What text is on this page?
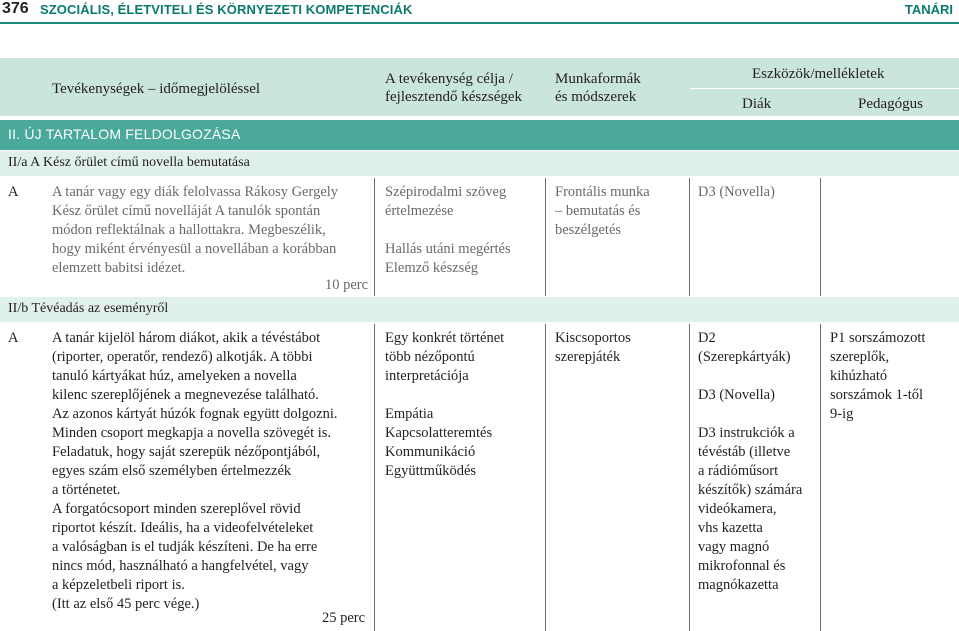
376 SZOCIÁLIS, ÉLETVITELI ÉS KÖRNYEZETI KOMPETENCIÁK	TANÁRI
Tevékenységek – időmegjelöléssel
A tevékenység célja /
fejlesztendő készségek
Munkaformák
és módszerek
Eszközök/mellékletek
Diák	Pedagógus
II. ÚJ TARTALOM FELDOLGOZÁSA
II/a A Kész őrület című novella bemutatása
A A tanár vagy egy diák felolvassa Rákosy Gergely
Kész őrület című novelláját A tanulók spontán
módon reflektálnak a hallottakra. Megbeszélik,
hogy miként érvényesül a novellában a korábban
elemzett babitsi idézet.
10 perc
Szépirodalmi szöveg
értelmezése

Hallás utáni megértés
Elemző készség
Frontális munka
– bemutatás és
beszélgetés
D3 (Novella)
II/b Tévéadás az eseményről
A A tanár kijelöl három diákot, akik a tévéstábot
(riporter, operatőr, rendező) alkotják. A többi
tanuló kártyákat húz, amelyeken a novella
kilenc szereplőjének a megnevezése található.
Az azonos kártyát húzók fognak együtt dolgozni.
Minden csoport megkapja a novella szövegét is.
Feladatuk, hogy saját szerepük nézőpontjából,
egyes szám első személyben értelmezzék
a történetet.
A forgatócsoport minden szereplővel rövid
riportot készít. Ideális, ha a videofelvételeket
a valóságban is el tudják készíteni. De ha erre
nincs mód, használható a hangfelvétel, vagy
a képzeletbeli riport is.
(Itt az első 45 perc vége.)
25 perc
Egy konkrét történet
több nézőpontú
interpretációja

Empátia
Kapcsolatteremtés
Kommunikáció
Együttműködés
Kiscsoportos
szerepjáték
D2
(Szerepkártyák)

D3 (Novella)

D3 instrukciók a
tévéstáb (illetve
a rádióműsort
készítők) számára
videókamera,
vhs kazetta
vagy magnó
mikrofonnal és
magnókazetta
P1 sorszámozott
szereplők,
kihúzható
sorszámok 1-től
9-ig
